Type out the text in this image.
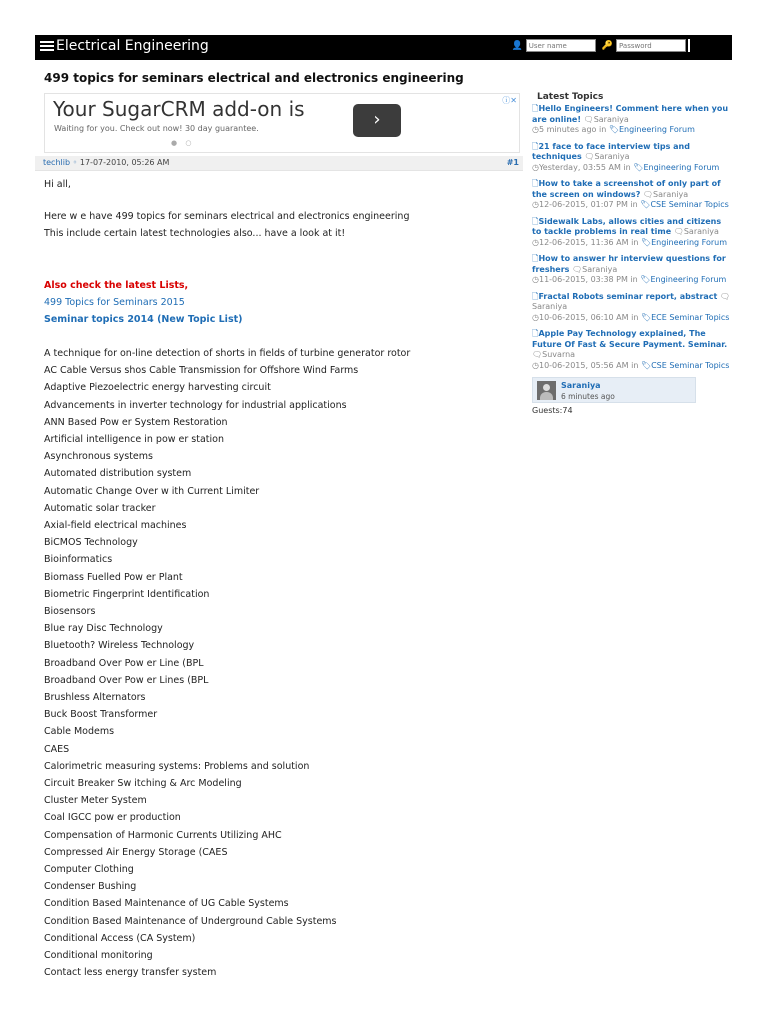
Electrical Engineering	👤
User name	🔑
499 topics for seminars electrical and electronics engineering
Your SugarCRM add-on is
Waiting for you. Check out now! 30 day guarantee.	›
ⓘ✕
● ○
techlib ◦ 17-07-2010, 05:26 AM	#1
Hi all,
Here w e have 499 topics for seminars electrical and electronics engineering
This include certain latest technologies also... have a look at it!
Also check the latest Lists,
499 Topics for Seminars 2015
Seminar topics 2014 (New Topic List)
A technique for on-line detection of shorts in fields of turbine generator rotor
AC Cable Versus shos Cable Transmission for Offshore Wind Farms
Adaptive Piezoelectric energy harvesting circuit
Advancements in inverter technology for industrial applications
ANN Based Pow er System Restoration
Artificial intelligence in pow er station
Asynchronous systems
Automated distribution system
Automatic Change Over w ith Current Limiter
Automatic solar tracker
Axial-field electrical machines
BiCMOS Technology
Bioinformatics
Biomass Fuelled Pow er Plant
Biometric Fingerprint Identification
Biosensors
Blue ray Disc Technology
Bluetooth? Wireless Technology
Broadband Over Pow er Line (BPL
Broadband Over Pow er Lines (BPL
Brushless Alternators
Buck Boost Transformer
Cable Modems
CAES
Calorimetric measuring systems: Problems and solution
Circuit Breaker Sw itching & Arc Modeling
Cluster Meter System
Coal IGCC pow er production
Compensation of Harmonic Currents Utilizing AHC
Compressed Air Energy Storage (CAES
Computer Clothing
Condenser Bushing
Condition Based Maintenance of UG Cable Systems
Condition Based Maintenance of Underground Cable Systems
Conditional Access (CA System)
Conditional monitoring
Contact less energy transfer system
Latest Topics
🗋Hello Engineers! Comment here when you are online! 🗨Saraniya
◷5 minutes ago in 🏷Engineering Forum
🗋21 face to face interview tips and techniques 🗨Saraniya
◷Yesterday, 03:55 AM in 🏷Engineering Forum
🗋How to take a screenshot of only part of the screen on windows? 🗨Saraniya
◷12-06-2015, 01:07 PM in 🏷CSE Seminar Topics
🗋Sidewalk Labs, allows cities and citizens to tackle problems in real time 🗨Saraniya
◷12-06-2015, 11:36 AM in 🏷Engineering Forum
🗋How to answer hr interview questions for freshers 🗨Saraniya
◷11-06-2015, 03:38 PM in 🏷Engineering Forum
🗋Fractal Robots seminar report, abstract 🗨Saraniya
◷10-06-2015, 06:10 AM in 🏷ECE Seminar Topics
🗋Apple Pay Technology explained, The Future Of Fast & Secure Payment. Seminar. 🗨Suvarna
◷10-06-2015, 05:56 AM in 🏷CSE Seminar Topics
Saraniya
6 minutes ago
Guests:74
